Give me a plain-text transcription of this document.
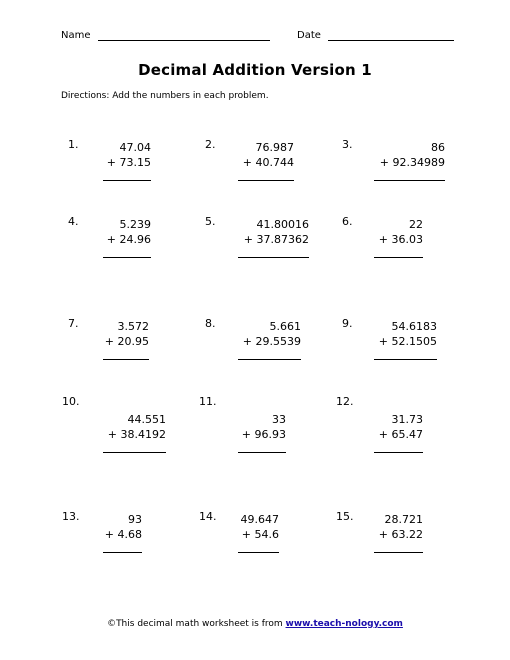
Name	Date
Decimal Addition Version 1
Directions: Add the numbers in each problem.
1.	47.04
+ 73.15
2.	76.987
+ 40.744
3.	86
+ 92.34989
4.	5.239
+ 24.96
5.	41.80016
+ 37.87362
6.	22
+ 36.03
7.	3.572
+ 20.95
8.	5.661
+ 29.5539
9.	54.6183
+ 52.1505
10.
44.551
+ 38.4192
11.
33
+ 96.93
12.
31.73
+ 65.47
13.	93
+ 4.68
14. 49.647
+ 54.6
15.	28.721
+ 63.22
©This decimal math worksheet is from www.teach-nology.com
